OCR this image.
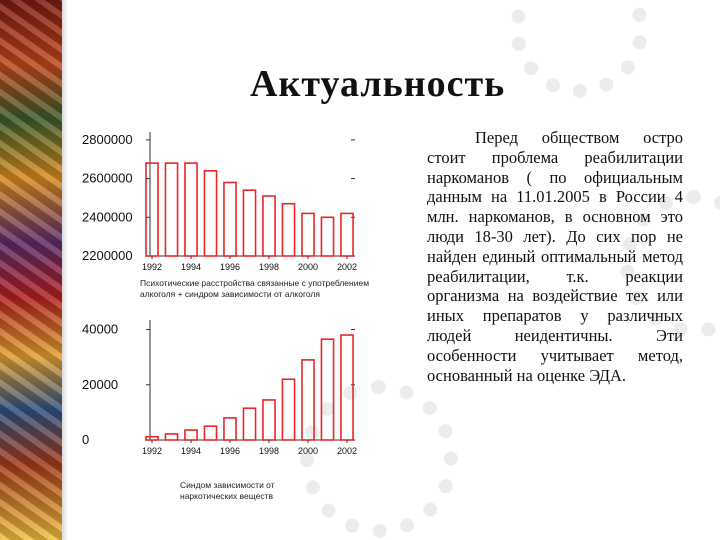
Актуальность
2800000
2600000
2400000
2200000
1992 1994 1996 1998 2000 2002
Психотические расстройства связанные с употреблением
алкоголя + синдром зависимости от алкоголя
40000
20000
0
1992 1994 1996 1998 2000 2002
Синдом зависимости от
наркотических веществ
Перед обществом остро стоит проблема реабилитации наркоманов ( по официальным данным на 11.01.2005 в России 4 млн. наркоманов, в основном это люди 18-30 лет). До сих пор не найден единый оптимальный метод реабилитации, т.к. реакции организма на воздействие тех или иных препаратов у различных людей неидентичны. Эти особенности учитывает метод, основанный на оценке ЭДА.
